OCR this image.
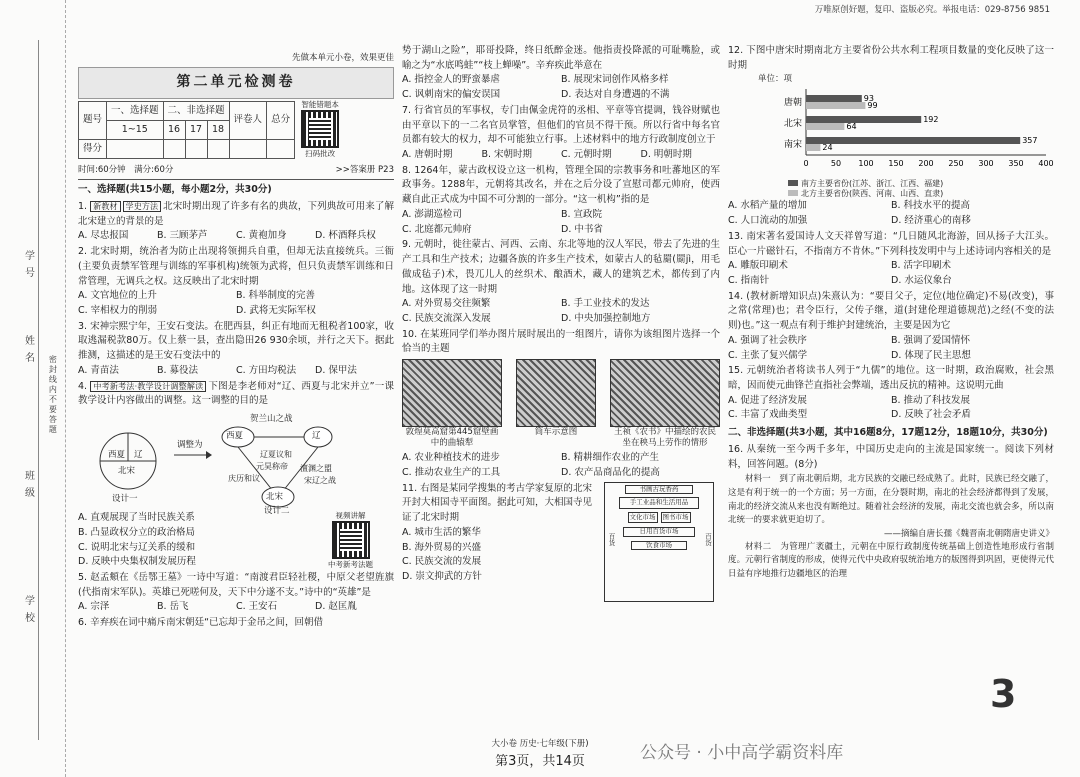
万唯原创好题，复印、盗版必究。举报电话：029-8756 9851
学 校
班 级
姓 名
学 号
密封线内不要答题
先做本单元小卷，效果更佳
第二单元检测卷
题号	一、选择题	二、非选择题			评卷人	总分
	1~15	16	17	18		
得分						
智能错题本
扫码批改
时间:60分钟　满分:60分	>>答案册 P23
一、选择题(共15小题，每小题2分，共30分)
1. 新教材 学史方法 北宋时期出现了许多有名的典故，下列典故可用来了解北宋建立的背景的是
A. 尽忠报国	B. 三顾茅芦	C. 黄袍加身	D. 杯酒释兵权
2. 北宋时期，统治者为防止出现将领拥兵自重，但却无法直接统兵。三衙(主要负责禁军管理与训练的军事机构)统领为武将，但只负责禁军训练和日常管理，无调兵之权。这反映出了北宋时期
A. 文官地位的上升	B. 科举制度的完善
C. 宰相权力的削弱	D. 武将无实际军权
3. 宋神宗熙宁年，王安石变法。在肥西县，纠正有地而无租税者100家，收取逃漏税款80万。仅上蔡一县，查出隐田26 930余顷，并行之天下。据此推测，这描述的是王安石变法中的
A. 青苗法	B. 募役法	C. 方田均税法	D. 保甲法
4. 中考新考法·教学设计调整解读 下图是李老师对“辽、西夏与北宋并立”一课教学设计内容做出的调整。这一调整的目的是
西夏 辽
北宋
调整为
设计一
贺兰山之战
西夏	辽
北宋
辽夏议和
元昊称帝
庆历和议
澶渊之盟
宋辽之战
设计二
A. 直观展现了当时民族关系
B. 凸显政权分立的政治格局
C. 说明北宋与辽关系的缓和
D. 反映中央集权制发展历程
视频讲解
中考新考法题
5. 赵孟頫在《岳鄂王墓》一诗中写道：“南渡君臣轻社稷，中原父老望旌旗(代指南宋军队)。英雄已死嗟何及，天下中分遂不支。”诗中的“英雄”是
A. 宗泽	B. 岳飞	C. 王安石	D. 赵匡胤
6. 辛弃疾在词中痛斥南宋朝廷“已忘却于金吊之间，回朝借
势于湖山之险”，耶哥投降，终日纸醉金迷。他指责投降派的可耻嘴脸，或喻之为“水底鸣蛙”“枝上蝉噪”。辛弃疾此举意在
A. 指控金人的野蛮暴虐	B. 展现宋词创作风格多样
C. 讽刺南宋的偏安误国	D. 表达对自身遭遇的不满
7. 行省官员的军事权，专门由佩金虎符的丞相、平章等官提调，钱谷财赋也由平章以下的一二名官员掌管，但他们的官员不得干预。所以行省中每名官员都有较大的权力，却不可能独立行事。上述材料中的地方行政制度创立于
A. 唐朝时期	B. 宋朝时期	C. 元朝时期	D. 明朝时期
8. 1264年，蒙古政权设立这一机构，管理全国的宗教事务和吐蕃地区的军政事务。1288年，元朝将其改名，并在之后分设了宣慰司都元帅府，使西藏自此正式成为中国不可分割的一部分。“这一机构”指的是
A. 澎湖巡检司	B. 宣政院
C. 北庭都元帅府	D. 中书省
9. 元朝时，徙往蒙古、河西、云南、东北等地的汉人军民，带去了先进的生产工具和生产技术；边疆各族的许多生产技术，如蒙古人的毡罽(罽jì，用毛做成毡子)术，畏兀儿人的丝织术、酿酒术，藏人的建筑艺术，都传到了内地。这体现了这一时期
A. 对外贸易交往频繁	B. 手工业技术的发达
C. 民族交流深入发展	D. 中央加强控制地方
10. 在某班同学们举办图片展时展出的一组图片，请你为该组图片选择一个恰当的主题
敦煌莫高窟第445窟壁画中的曲辕犁
筒车示意图	王祯《农书》中描绘的农民坐在秧马上劳作的情形
A. 农业种植技术的进步	B. 精耕细作农业的产生
C. 推动农业生产的工具	D. 农产品商品化的提高
11. 右图是某同学搜集的考古学家复原的北宋开封大相国寺平面图。据此可知，大相国寺见证了北宋时期
A. 城市生活的繁华
B. 海外贸易的兴盛
C. 民族交流的发展
D. 崇文抑武的方针
书画古玩香药
手工业品和生活用品
文化市场	图书市场
日用百货市场
饮食市场
百货	百货
12. 下图中唐宋时期南北方主要省份公共水利工程项目数量的变化反映了这一时期
单位：项
唐朝	93
99
北宋	192
64
南宋	357
24
0	50 100 150 200 250 300 350 400
南方主要省份(江苏、浙江、江西、福建)
北方主要省份(陕西、河南、山西、直隶)
A. 水稻产量的增加	B. 科技水平的提高
C. 人口流动的加强	D. 经济重心的南移
13. 南宋著名爱国诗人文天祥曾写道：“几日随风北海游，回从扬子大江头。臣心一片磁针石，不指南方不肯休。”下列科技发明中与上述诗词内容相关的是
A. 雕版印刷术	B. 活字印刷术
C. 指南针	D. 水运仪象台
14. (教材新增知识点)朱熹认为：“要目父子，定位(地位确定)不易(改变)，事之常(常理)也；君令臣行，父传子继，道(封建伦理道德规范)之经(不变的法则)也。”这一观点有利于维护封建统治，主要是因为它
A. 强调了社会秩序	B. 强调了爱国情怀
C. 主张了复兴儒学	D. 体现了民主思想
15. 元朝统治者将读书人列于“九儒”的地位。这一时期，政治腐败，社会黑暗，因而使元曲锋芒直指社会弊端，透出反抗的精神。这说明元曲
A. 促进了经济发展	B. 推动了科技发展
C. 丰富了戏曲类型	D. 反映了社会矛盾
二、非选择题(共3小题，其中16题8分，17题12分，18题10分，共30分)
16. 从秦统一至今两千多年，中国历史走向的主流是国家统一。阅读下列材料，回答问题。(8分)
材料一　到了南北朝后期，北方民族的交融已经成熟了。此时，民族已经交融了，这是有利于统一的一个方面；另一方面，在分裂时期，南北的社会经济都得到了发展，南北的经济交流从来也没有断绝过。随着社会经济的发展，南北交流也就会多，所以南北统一的要求就更迫切了。
——摘编自唐长孺《魏晋南北朝隋唐史讲义》
材料二　为管理广袤疆土，元朝在中原行政制度传统基础上创造性地形成行省制度。元朝行省制度的形成，使得元代中央政府驭统治地方的版图得到巩固，更使得元代日益有序地推行边疆地区的治理
3
大小卷 历史·七年级(下册)
第3页，共14页	公众号 · 小中高学霸资料库
